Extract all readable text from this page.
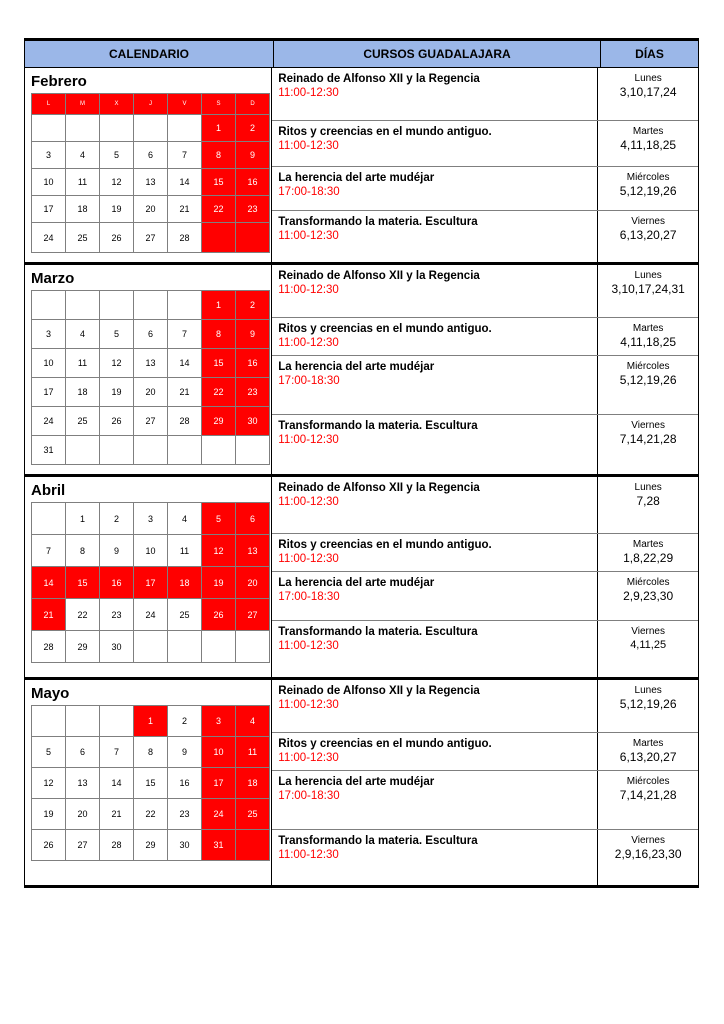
CALENDARIO	CURSOS GUADALAJARA	DÍAS
Febrero
L	M	X	J	V	S	D
					1	2
3	4	5	6	7	8	9
10	11	12	13	14	15	16
17	18	19	20	21	22	23
24	25	26	27	28		
Reinado de Alfonso XII y la Regencia
11:00-12:30
Lunes
3,10,17,24
Ritos y creencias en el mundo antiguo.
11:00-12:30
Martes
4,11,18,25
La herencia del arte mudéjar
17:00-18:30
Miércoles
5,12,19,26
Transformando la materia. Escultura
11:00-12:30
Viernes
6,13,20,27
Marzo
					1	2
3	4	5	6	7	8	9
10	11	12	13	14	15	16
17	18	19	20	21	22	23
24	25	26	27	28	29	30
31						
Reinado de Alfonso XII y la Regencia
11:00-12:30
Lunes
3,10,17,24,31
Ritos y creencias en el mundo antiguo.
11:00-12:30
Martes
4,11,18,25
La herencia del arte mudéjar
17:00-18:30
Miércoles
5,12,19,26
Transformando la materia. Escultura
11:00-12:30
Viernes
7,14,21,28
Abril
	1	2	3	4	5	6
7	8	9	10	11	12	13
14	15	16	17	18	19	20
21	22	23	24	25	26	27
28	29	30				
Reinado de Alfonso XII y la Regencia
11:00-12:30
Lunes
7,28
Ritos y creencias en el mundo antiguo.
11:00-12:30
Martes
1,8,22,29
La herencia del arte mudéjar
17:00-18:30
Miércoles
2,9,23,30
Transformando la materia. Escultura
11:00-12:30
Viernes
4,11,25
Mayo
			1	2	3	4
5	6	7	8	9	10	11
12	13	14	15	16	17	18
19	20	21	22	23	24	25
26	27	28	29	30	31	
Reinado de Alfonso XII y la Regencia
11:00-12:30
Lunes
5,12,19,26
Ritos y creencias en el mundo antiguo.
11:00-12:30
Martes
6,13,20,27
La herencia del arte mudéjar
17:00-18:30
Miércoles
7,14,21,28
Transformando la materia. Escultura
11:00-12:30
Viernes
2,9,16,23,30
